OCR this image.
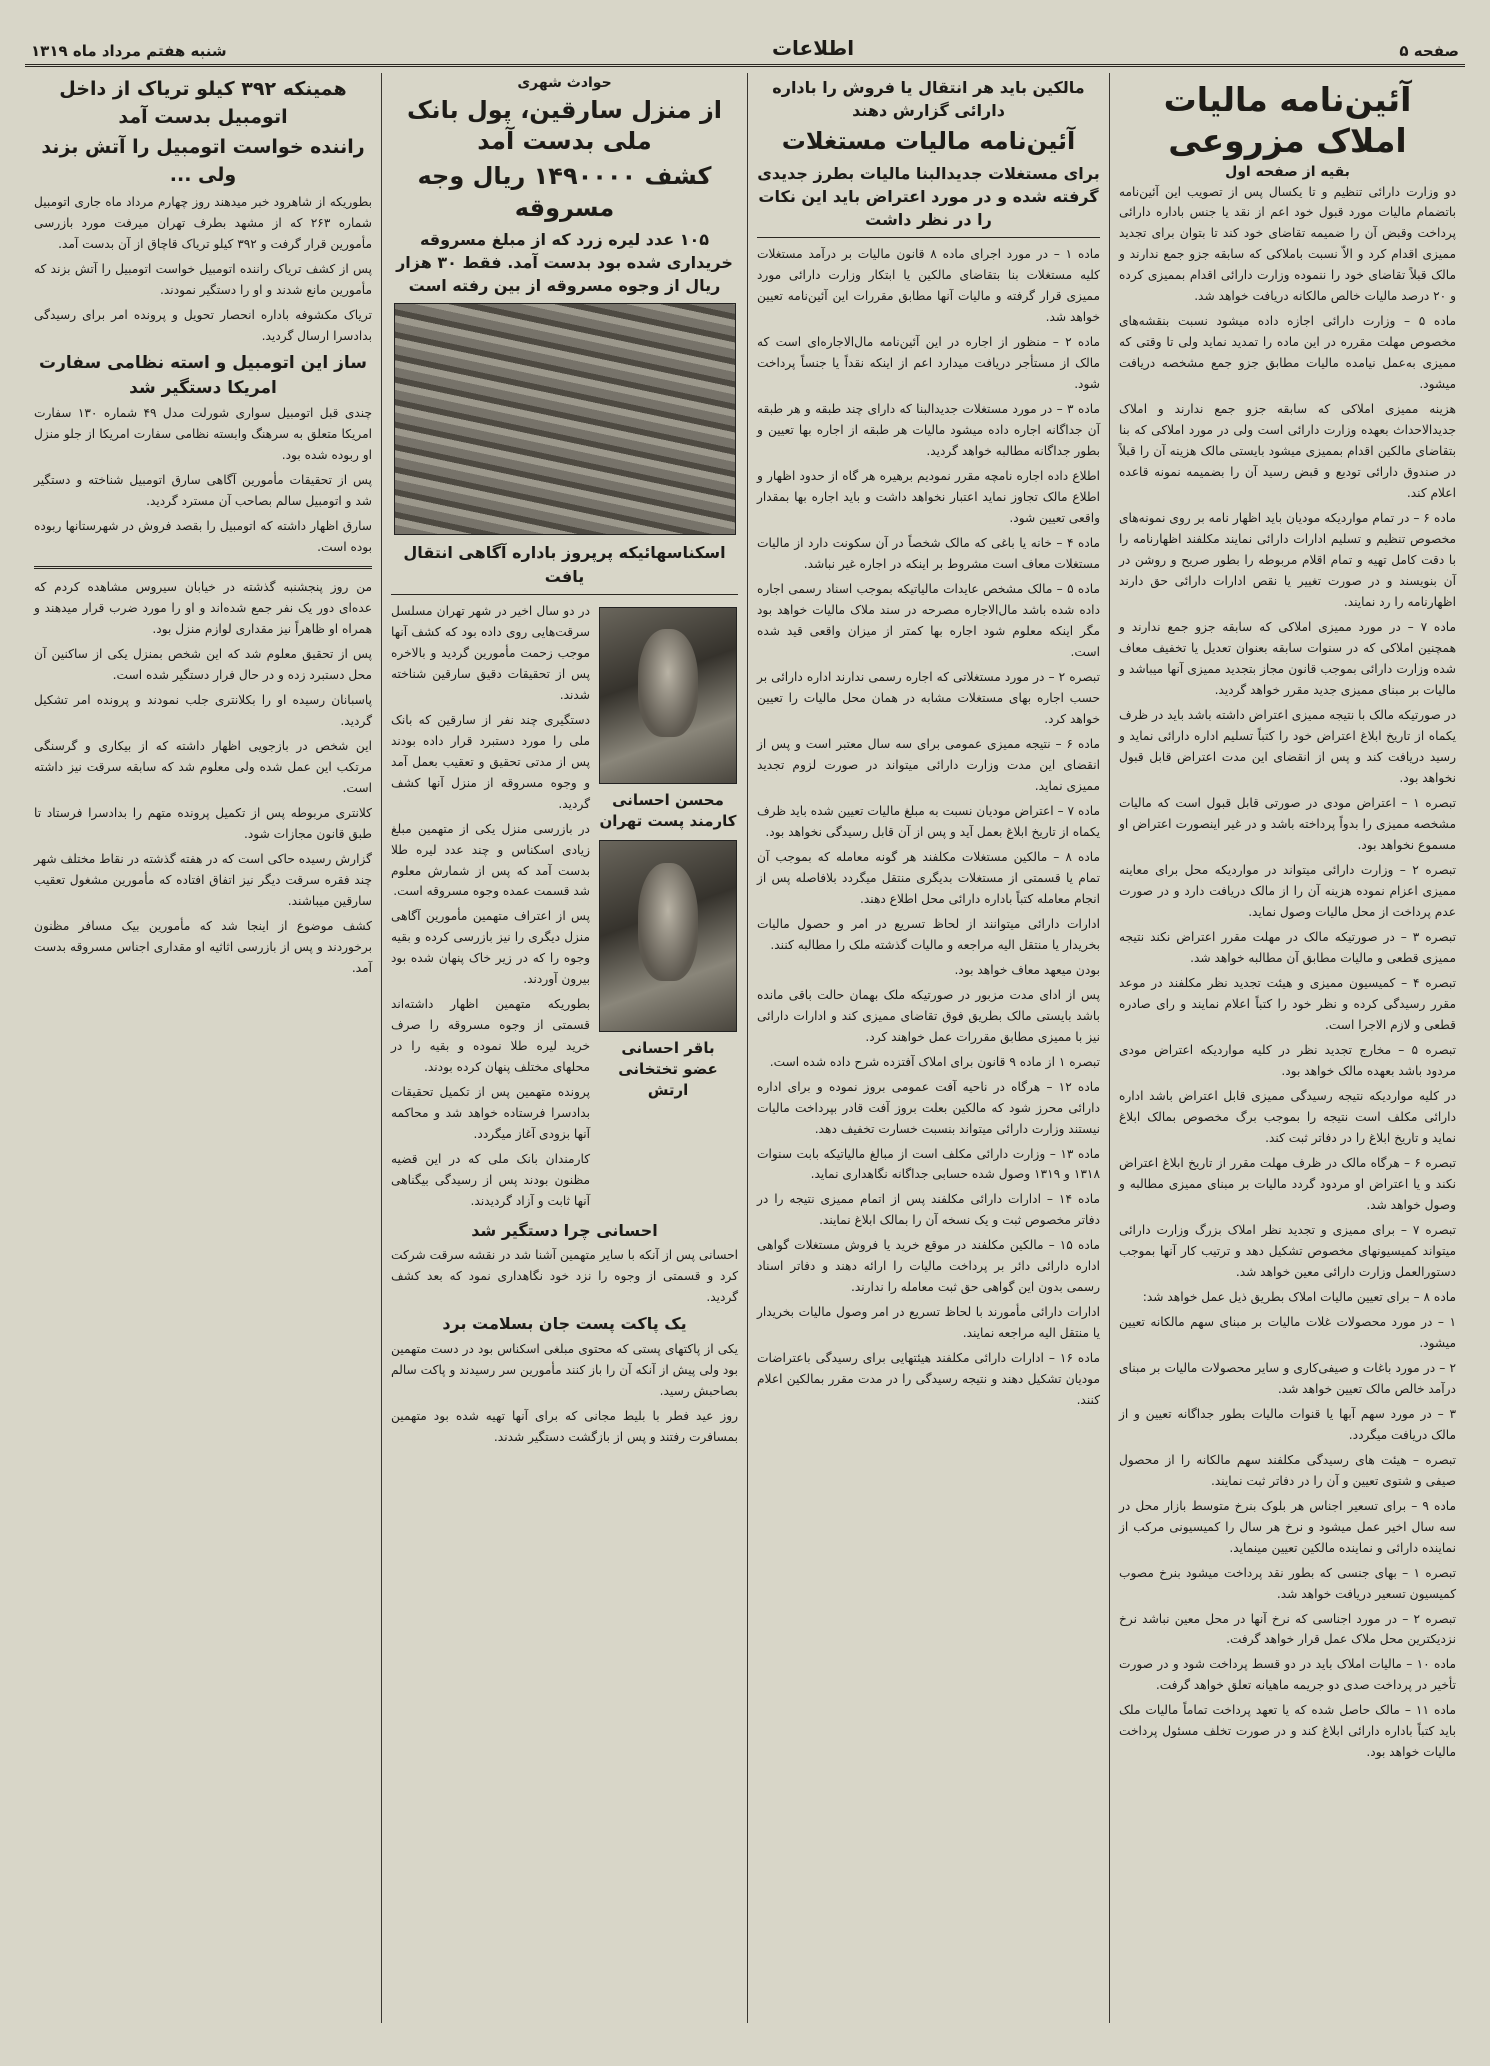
صفحه ۵
اطلاعات
شنبه هفتم مرداد ماه ۱۳۱۹
آئین‌نامه مالیات املاک مزروعی
بقیه از صفحه اول

دو وزارت دارائی تنظیم و تا یکسال پس از تصویب این آئین‌نامه باتضمام مالیات مورد قبول خود اعم از نقد یا جنس باداره دارائی پرداخت وقبض آن را ضمیمه تقاضای خود کند تا بتوان برای تجدید ممیزی اقدام کرد و الاّ نسبت باملاکی که سابقه جزو جمع ندارند و مالک قبلاً تقاضای خود را ننموده وزارت دارائی اقدام بممیزی کرده و ۲۰ درصد مالیات خالص مالکانه دریافت خواهد شد.

ماده ۵ – وزارت دارائی اجازه داده میشود نسبت بنقشه‌های مخصوص مهلت مقرره در این ماده را تمدید نماید ولی تا وقتی که ممیزی به‌عمل نیامده مالیات مطابق جزو جمع مشخصه دریافت میشود.

هزینه ممیزی املاکی که سابقه جزو جمع ندارند و املاک جدیدالاحداث بعهده وزارت دارائی است ولی در مورد املاکی که بنا بتقاضای مالکین اقدام بممیزی میشود بایستی مالک هزینه آن را قبلاً در صندوق دارائی تودیع و قبض رسید آن را بضمیمه نمونه قاعده اعلام کند.

ماده ۶ – در تمام مواردیکه مودیان باید اظهار نامه بر روی نمونه‌های مخصوص تنظیم و تسلیم ادارات دارائی نمایند مکلفند اظهارنامه را با دقت کامل تهیه و تمام اقلام مربوطه را بطور صریح و روشن در آن بنویسند و در صورت تغییر یا نقص ادارات دارائی حق دارند اظهارنامه را رد نمایند.

ماده ۷ – در مورد ممیزی املاکی که سابقه جزو جمع ندارند و همچنین املاکی که در سنوات سابقه بعنوان تعدیل یا تخفیف معاف شده وزارت دارائی بموجب قانون مجاز بتجدید ممیزی آنها میباشد و مالیات بر مبنای ممیزی جدید مقرر خواهد گردید.

در صورتیکه مالک با نتیجه ممیزی اعتراض داشته باشد باید در ظرف یکماه از تاریخ ابلاغ اعتراض خود را کتباً تسلیم اداره دارائی نماید و رسید دریافت کند و پس از انقضای این مدت اعتراض قابل قبول نخواهد بود.

تبصره ۱ – اعتراض مودی در صورتی قابل قبول است که مالیات مشخصه ممیزی را بدواً پرداخته باشد و در غیر اینصورت اعتراض او مسموع نخواهد بود.

تبصره ۲ – وزارت دارائی میتواند در مواردیکه محل برای معاینه ممیزی اعزام نموده هزینه آن را از مالک دریافت دارد و در صورت عدم پرداخت از محل مالیات وصول نماید.

تبصره ۳ – در صورتیکه مالک در مهلت مقرر اعتراض نکند نتیجه ممیزی قطعی و مالیات مطابق آن مطالبه خواهد شد.

تبصره ۴ – کمیسیون ممیزی و هیئت تجدید نظر مکلفند در موعد مقرر رسیدگی کرده و نظر خود را کتباً اعلام نمایند و رای صادره قطعی و لازم الاجرا است.

تبصره ۵ – مخارج تجدید نظر در کلیه مواردیکه اعتراض مودی مردود باشد بعهده مالک خواهد بود.

در کلیه مواردیکه نتیجه رسیدگی ممیزی قابل اعتراض باشد اداره دارائی مکلف است نتیجه را بموجب برگ مخصوص بمالک ابلاغ نماید و تاریخ ابلاغ را در دفاتر ثبت کند.

تبصره ۶ – هرگاه مالک در ظرف مهلت مقرر از تاریخ ابلاغ اعتراض نکند و یا اعتراض او مردود گردد مالیات بر مبنای ممیزی مطالبه و وصول خواهد شد.

تبصره ۷ – برای ممیزی و تجدید نظر املاک بزرگ وزارت دارائی میتواند کمیسیونهای مخصوص تشکیل دهد و ترتیب کار آنها بموجب دستورالعمل وزارت دارائی معین خواهد شد.

ماده ۸ – برای تعیین مالیات املاک بطریق ذیل عمل خواهد شد:

۱ – در مورد محصولات غلات مالیات بر مبنای سهم مالکانه تعیین میشود.

۲ – در مورد باغات و صیفی‌کاری و سایر محصولات مالیات بر مبنای درآمد خالص مالک تعیین خواهد شد.

۳ – در مورد سهم آبها یا قنوات مالیات بطور جداگانه تعیین و از مالک دریافت میگردد.

تبصره – هیئت های رسیدگی مکلفند سهم مالکانه را از محصول صیفی و شتوی تعیین و آن را در دفاتر ثبت نمایند.

ماده ۹ – برای تسعیر اجناس هر بلوک بنرخ متوسط بازار محل در سه سال اخیر عمل میشود و نرخ هر سال را کمیسیونی مرکب از نماینده دارائی و نماینده مالکین تعیین مینماید.

تبصره ۱ – بهای جنسی که بطور نقد پرداخت میشود بنرخ مصوب کمیسیون تسعیر دریافت خواهد شد.

تبصره ۲ – در مورد اجناسی که نرخ آنها در محل معین نباشد نرخ نزدیکترین محل ملاک عمل قرار خواهد گرفت.

ماده ۱۰ – مالیات املاک باید در دو قسط پرداخت شود و در صورت تأخیر در پرداخت صدی دو جریمه ماهیانه تعلق خواهد گرفت.

ماده ۱۱ – مالک حاصل شده که یا تعهد پرداخت تماماً مالیات ملک باید کتباً باداره دارائی ابلاغ کند و در صورت تخلف مسئول پرداخت مالیات خواهد بود.

مالکین باید هر انتقال یا فروش را باداره دارائی گزارش دهند
آئین‌نامه مالیات مستغلات
برای مستغلات جدیدالبنا مالیات بطرز جدیدی گرفته شده و در مورد اعتراض باید این نکات را در نظر داشت

ماده ۱ – در مورد اجرای ماده ۸ قانون مالیات بر درآمد مستغلات کلیه مستغلات بنا بتقاضای مالکین یا ابتکار وزارت دارائی مورد ممیزی قرار گرفته و مالیات آنها مطابق مقررات این آئین‌نامه تعیین خواهد شد.

ماده ۲ – منظور از اجاره در این آئین‌نامه مال‌الاجاره‌ای است که مالک از مستأجر دریافت میدارد اعم از اینکه نقداً یا جنساً پرداخت شود.

ماده ۳ – در مورد مستغلات جدیدالبنا که دارای چند طبقه و هر طبقه آن جداگانه اجاره داده میشود مالیات هر طبقه از اجاره بها تعیین و بطور جداگانه مطالبه خواهد گردید.

اطلاع داده اجاره نامچه مقرر نمودیم برهیره هر گاه از حدود اظهار و اطلاع مالک تجاوز نماید اعتبار نخواهد داشت و باید اجاره بها بمقدار واقعی تعیین شود.

ماده ۴ – خانه یا باغی که مالک شخصاً در آن سکونت دارد از مالیات مستغلات معاف است مشروط بر اینکه در اجاره غیر نباشد.

ماده ۵ – مالک مشخص عایدات مالیاتیکه بموجب اسناد رسمی اجاره داده شده باشد مال‌الاجاره مصرحه در سند ملاک مالیات خواهد بود مگر اینکه معلوم شود اجاره بها کمتر از میزان واقعی قید شده است.

تبصره ۲ – در مورد مستغلاتی که اجاره رسمی ندارند اداره دارائی بر حسب اجاره بهای مستغلات مشابه در همان محل مالیات را تعیین خواهد کرد.

ماده ۶ – نتیجه ممیزی عمومی برای سه سال معتبر است و پس از انقضای این مدت وزارت دارائی میتواند در صورت لزوم تجدید ممیزی نماید.

ماده ۷ – اعتراض مودیان نسبت به مبلغ مالیات تعیین شده باید ظرف یکماه از تاریخ ابلاغ بعمل آید و پس از آن قابل رسیدگی نخواهد بود.

ماده ۸ – مالکین مستغلات مکلفند هر گونه معامله که بموجب آن تمام یا قسمتی از مستغلات بدیگری منتقل میگردد بلافاصله پس از انجام معامله کتباً باداره دارائی محل اطلاع دهند.

ادارات دارائی میتوانند از لحاظ تسریع در امر و حصول مالیات بخریدار یا منتقل الیه مراجعه و مالیات گذشته ملک را مطالبه کنند.

بودن میعهد معاف خواهد بود.

پس از ادای مدت مزبور در صورتیکه ملک بهمان حالت باقی مانده باشد بایستی مالک بطریق فوق تقاضای ممیزی کند و ادارات دارائی نیز با ممیزی مطابق مقررات عمل خواهند کرد.

تبصره ۱ از ماده ۹ قانون برای املاک آفتزده شرح داده شده است.

ماده ۱۲ – هرگاه در ناحیه آفت عمومی بروز نموده و برای اداره دارائی محرز شود که مالکین بعلت بروز آفت قادر بپرداخت مالیات نیستند وزارت دارائی میتواند بنسبت خسارت تخفیف دهد.

ماده ۱۳ – وزارت دارائی مکلف است از مبالغ مالیاتیکه بابت سنوات ۱۳۱۸ و ۱۳۱۹ وصول شده حسابی جداگانه نگاهداری نماید.

ماده ۱۴ – ادارات دارائی مکلفند پس از اتمام ممیزی نتیجه را در دفاتر مخصوص ثبت و یک نسخه آن را بمالک ابلاغ نمایند.

ماده ۱۵ – مالکین مکلفند در موقع خرید یا فروش مستغلات گواهی اداره دارائی دائر بر پرداخت مالیات را ارائه دهند و دفاتر اسناد رسمی بدون این گواهی حق ثبت معامله را ندارند.

ادارات دارائی مأمورند با لحاظ تسریع در امر وصول مالیات بخریدار یا منتقل الیه مراجعه نمایند.

ماده ۱۶ – ادارات دارائی مکلفند هیئتهایی برای رسیدگی باعتراضات مودیان تشکیل دهند و نتیجه رسیدگی را در مدت مقرر بمالکین اعلام کنند.

حوادث شهری
از منزل سارقین، پول بانک ملی بدست آمد
کشف ۱۴۹۰۰۰۰ ریال وجه مسروقه
۱۰۵ عدد لیره زرد که از مبلغ مسروقه خریداری شده بود بدست آمد. فقط ۳۰ هزار ریال از وجوه مسروقه از بین رفته است
اسکناسهائیکه پرپروز باداره آگاهی انتقال یافت
محسن احسانی
کارمند پست تهران
باقر احسانی
عضو تختخانی ارتش

در دو سال اخیر در شهر تهران مسلسل سرقت‌هایی روی داده بود که کشف آنها موجب زحمت مأمورین گردید و بالاخره پس از تحقیقات دقیق سارقین شناخته شدند.

دستگیری چند نفر از سارقین که بانک ملی را مورد دستبرد قرار داده بودند پس از مدتی تحقیق و تعقیب بعمل آمد و وجوه مسروقه از منزل آنها کشف گردید.

در بازرسی منزل یکی از متهمین مبلغ زیادی اسکناس و چند عدد لیره طلا بدست آمد که پس از شمارش معلوم شد قسمت عمده وجوه مسروقه است.

پس از اعتراف متهمین مأمورین آگاهی منزل دیگری را نیز بازرسی کرده و بقیه وجوه را که در زیر خاک پنهان شده بود بیرون آوردند.

بطوریکه متهمین اظهار داشته‌اند قسمتی از وجوه مسروقه را صرف خرید لیره طلا نموده و بقیه را در محلهای مختلف پنهان کرده بودند.

پرونده متهمین پس از تکمیل تحقیقات بدادسرا فرستاده خواهد شد و محاکمه آنها بزودی آغاز میگردد.

کارمندان بانک ملی که در این قضیه مظنون بودند پس از رسیدگی بیگناهی آنها ثابت و آزاد گردیدند.

احسانی چرا دستگیر شد

احسانی پس از آنکه با سایر متهمین آشنا شد در نقشه سرقت شرکت کرد و قسمتی از وجوه را نزد خود نگاهداری نمود که بعد کشف گردید.

یک پاکت پست جان بسلامت برد

یکی از پاکتهای پستی که محتوی مبلغی اسکناس بود در دست متهمین بود ولی پیش از آنکه آن را باز کنند مأمورین سر رسیدند و پاکت سالم بصاحبش رسید.

روز عید فطر با بلیط مجانی که برای آنها تهیه شده بود متهمین بمسافرت رفتند و پس از بازگشت دستگیر شدند.

همینکه ۳۹۲ کیلو تریاک از داخل اتومبیل بدست آمد
راننده خواست اتومبیل را آتش بزند ولی ...

بطوریکه از شاهرود خبر میدهند روز چهارم مرداد ماه جاری اتومبیل شماره ۲۶۳ که از مشهد بطرف تهران میرفت مورد بازرسی مأمورین قرار گرفت و ۳۹۲ کیلو تریاک قاچاق از آن بدست آمد.

پس از کشف تریاک راننده اتومبیل خواست اتومبیل را آتش بزند که مأمورین مانع شدند و او را دستگیر نمودند.

تریاک مکشوفه باداره انحصار تحویل و پرونده امر برای رسیدگی بدادسرا ارسال گردید.

ساز این اتومبیل و استه نظامی سفارت امریکا دستگیر شد

چندی قبل اتومبیل سواری شورلت مدل ۴۹ شماره ۱۳۰ سفارت امریکا متعلق به سرهنگ وابسته نظامی سفارت امریکا از جلو منزل او ربوده شده بود.

پس از تحقیقات مأمورین آگاهی سارق اتومبیل شناخته و دستگیر شد و اتومبیل سالم بصاحب آن مسترد گردید.

سارق اظهار داشته که اتومبیل را بقصد فروش در شهرستانها ربوده بوده است.

من روز پنجشنبه گذشته در خیابان سیروس مشاهده کردم که عده‌ای دور یک نفر جمع شده‌اند و او را مورد ضرب قرار میدهند و همراه او ظاهراً نیز مقداری لوازم منزل بود.

پس از تحقیق معلوم شد که این شخص بمنزل یکی از ساکنین آن محل دستبرد زده و در حال فرار دستگیر شده است.

پاسبانان رسیده او را بکلانتری جلب نمودند و پرونده امر تشکیل گردید.

این شخص در بازجویی اظهار داشته که از بیکاری و گرسنگی مرتکب این عمل شده ولی معلوم شد که سابقه سرقت نیز داشته است.

کلانتری مربوطه پس از تکمیل پرونده متهم را بدادسرا فرستاد تا طبق قانون مجازات شود.

گزارش رسیده حاکی است که در هفته گذشته در نقاط مختلف شهر چند فقره سرقت دیگر نیز اتفاق افتاده که مأمورین مشغول تعقیب سارقین میباشند.

کشف موضوع از اینجا شد که مأمورین بیک مسافر مظنون برخوردند و پس از بازرسی اثاثیه او مقداری اجناس مسروقه بدست آمد.
